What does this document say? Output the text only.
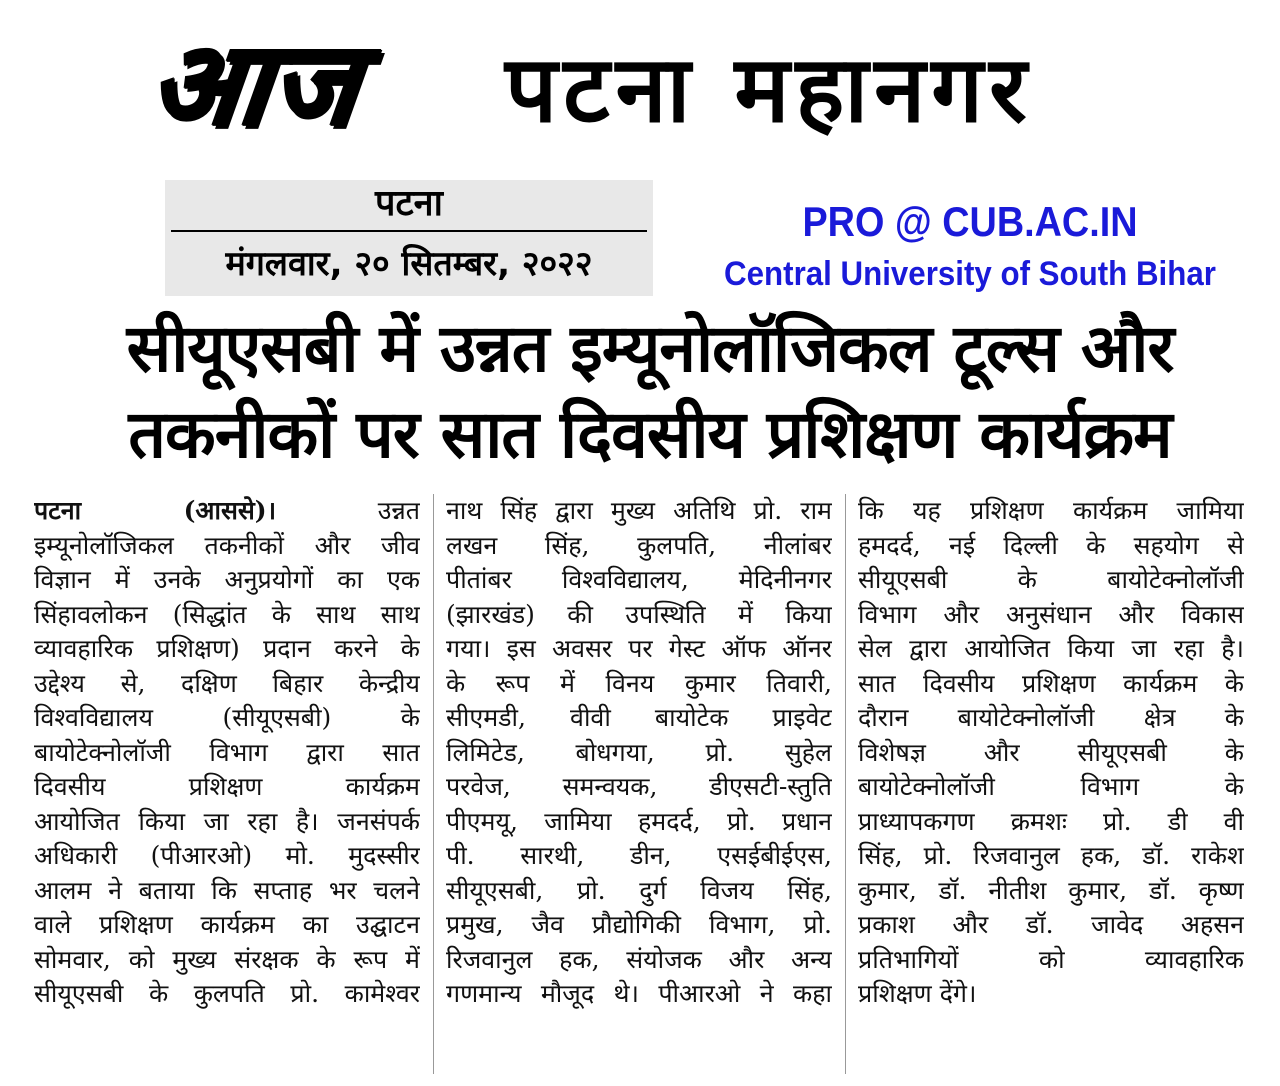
आज	पटना महानगर
पटना
मंगलवार, २० सितम्बर, २०२२
PRO @ CUB.AC.IN
Central University of South Bihar
सीयूएसबी में उन्नत इम्यूनोलॉजिकल टूल्स और
तकनीकों पर सात दिवसीय प्रशिक्षण कार्यक्रम
पटना (आससे)।	उन्नत
इम्यूनोलॉजिकल तकनीकों और जीव
विज्ञान में उनके अनुप्रयोगों का एक
सिंहावलोकन (सिद्धांत के साथ साथ
व्यावहारिक प्रशिक्षण) प्रदान करने के
उद्देश्य से, दक्षिण बिहार केन्द्रीय
विश्वविद्यालय (सीयूएसबी) के
बायोटेक्नोलॉजी विभाग द्वारा सात
दिवसीय प्रशिक्षण कार्यक्रम
आयोजित किया जा रहा है। जनसंपर्क
अधिकारी (पीआरओ) मो. मुदस्सीर
आलम ने बताया कि सप्ताह भर चलने
वाले प्रशिक्षण कार्यक्रम का उद्घाटन
सोमवार, को मुख्य संरक्षक के रूप में
सीयूएसबी के कुलपति प्रो. कामेश्वर
नाथ सिंह द्वारा मुख्य अतिथि प्रो. राम
लखन सिंह, कुलपति, नीलांबर
पीतांबर विश्वविद्यालय, मेदिनीनगर
(झारखंड) की उपस्थिति में किया
गया। इस अवसर पर गेस्ट ऑफ ऑनर
के रूप में विनय कुमार तिवारी,
सीएमडी, वीवी बायोटेक प्राइवेट
लिमिटेड, बोधगया, प्रो. सुहेल
परवेज, समन्वयक, डीएसटी-स्तुति
पीएमयू, जामिया हमदर्द, प्रो. प्रधान
पी. सारथी, डीन, एसईबीईएस,
सीयूएसबी, प्रो. दुर्ग विजय सिंह,
प्रमुख, जैव प्रौद्योगिकी विभाग, प्रो.
रिजवानुल हक, संयोजक और अन्य
गणमान्य मौजूद थे। पीआरओ ने कहा
कि यह प्रशिक्षण कार्यक्रम जामिया
हमदर्द, नई दिल्ली के सहयोग से
सीयूएसबी के बायोटेक्नोलॉजी
विभाग और अनुसंधान और विकास
सेल द्वारा आयोजित किया जा रहा है।
सात दिवसीय प्रशिक्षण कार्यक्रम के
दौरान बायोटेक्नोलॉजी क्षेत्र के
विशेषज्ञ और सीयूएसबी के
बायोटेक्नोलॉजी विभाग के
प्राध्यापकगण क्रमशः प्रो. डी वी
सिंह, प्रो. रिजवानुल हक, डॉ. राकेश
कुमार, डॉ. नीतीश कुमार, डॉ. कृष्ण
प्रकाश और डॉ. जावेद अहसन
प्रतिभागियों को व्यावहारिक
प्रशिक्षण देंगे।
